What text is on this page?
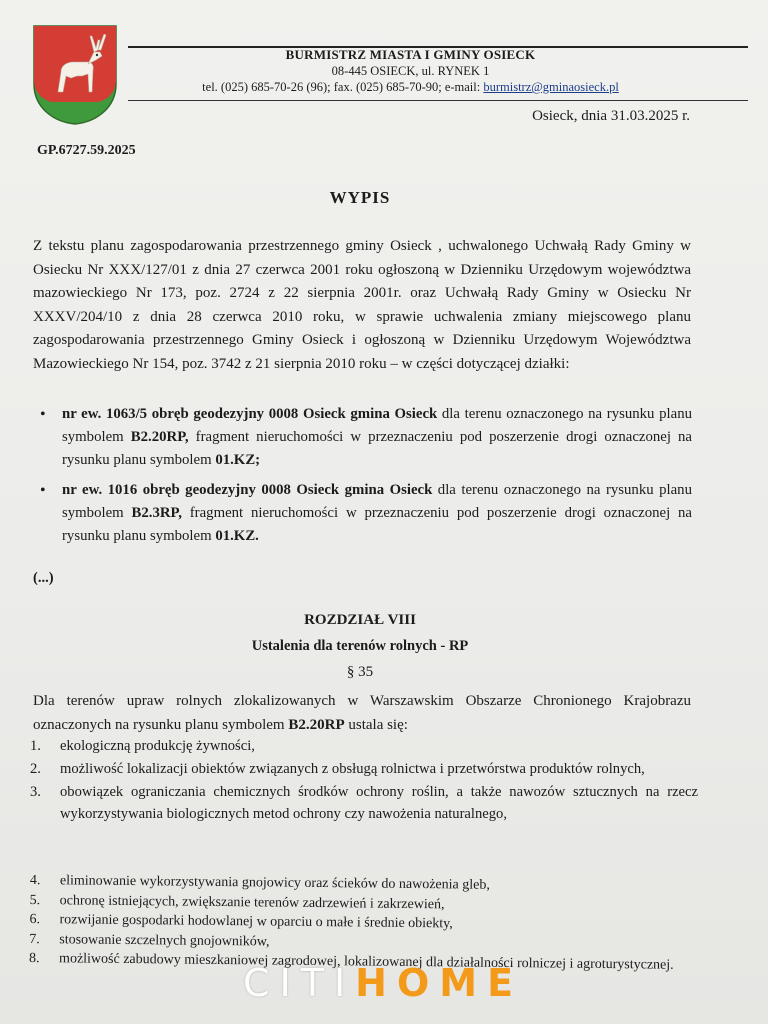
BURMISTRZ MIASTA I GMINY OSIECK
08-445 OSIECK, ul. RYNEK 1
tel. (025) 685-70-26 (96); fax. (025) 685-70-90; e-mail: burmistrz@gminaosieck.pl
Osieck, dnia 31.03.2025 r.
GP.6727.59.2025
WYPIS

Z tekstu planu zagospodarowania przestrzennego gminy Osieck , uchwalonego Uchwałą Rady Gminy w Osiecku Nr XXX/127/01 z dnia 27 czerwca 2001 roku ogłoszoną w Dzienniku Urzędowym województwa mazowieckiego Nr 173, poz. 2724 z 22 sierpnia 2001r. oraz Uchwałą Rady Gminy w Osiecku Nr XXXV/204/10 z dnia 28 czerwca 2010 roku, w sprawie uchwalenia zmiany miejscowego planu zagospodarowania przestrzennego Gminy Osieck i ogłoszoną w Dzienniku Urzędowym Województwa Mazowieckiego Nr 154, poz. 3742 z 21 sierpnia 2010 roku – w części dotyczącej działki:

• nr ew. 1063/5 obręb geodezyjny 0008 Osieck gmina Osieck dla terenu oznaczonego na rysunku planu symbolem B2.20RP, fragment nieruchomości w przeznaczeniu pod poszerzenie drogi oznaczonej na rysunku planu symbolem 01.KZ;
• nr ew. 1016 obręb geodezyjny 0008 Osieck gmina Osieck dla terenu oznaczonego na rysunku planu symbolem B2.3RP, fragment nieruchomości w przeznaczeniu pod poszerzenie drogi oznaczonej na rysunku planu symbolem 01.KZ.
(...)
ROZDZIAŁ VIII
Ustalenia dla terenów rolnych - RP
§ 35

Dla terenów upraw rolnych zlokalizowanych w Warszawskim Obszarze Chronionego Krajobrazu oznaczonych na rysunku planu symbolem B2.20RP ustala się:

1. ekologiczną produkcję żywności,
2. możliwość lokalizacji obiektów związanych z obsługą rolnictwa i przetwórstwa produktów rolnych,
3. obowiązek ograniczania chemicznych środków ochrony roślin, a także nawozów sztucznych na rzecz wykorzystywania biologicznych metod ochrony czy nawożenia naturalnego,
4. eliminowanie wykorzystywania gnojowicy oraz ścieków do nawożenia gleb,
5. ochronę istniejących, zwiększanie terenów zadrzewień i zakrzewień,
6. rozwijanie gospodarki hodowlanej w oparciu o małe i średnie obiekty,
7. stosowanie szczelnych gnojowników,
8. możliwość zabudowy mieszkaniowej zagrodowej, lokalizowanej dla działalności rolniczej i agroturystycznej.
CITIHOME
